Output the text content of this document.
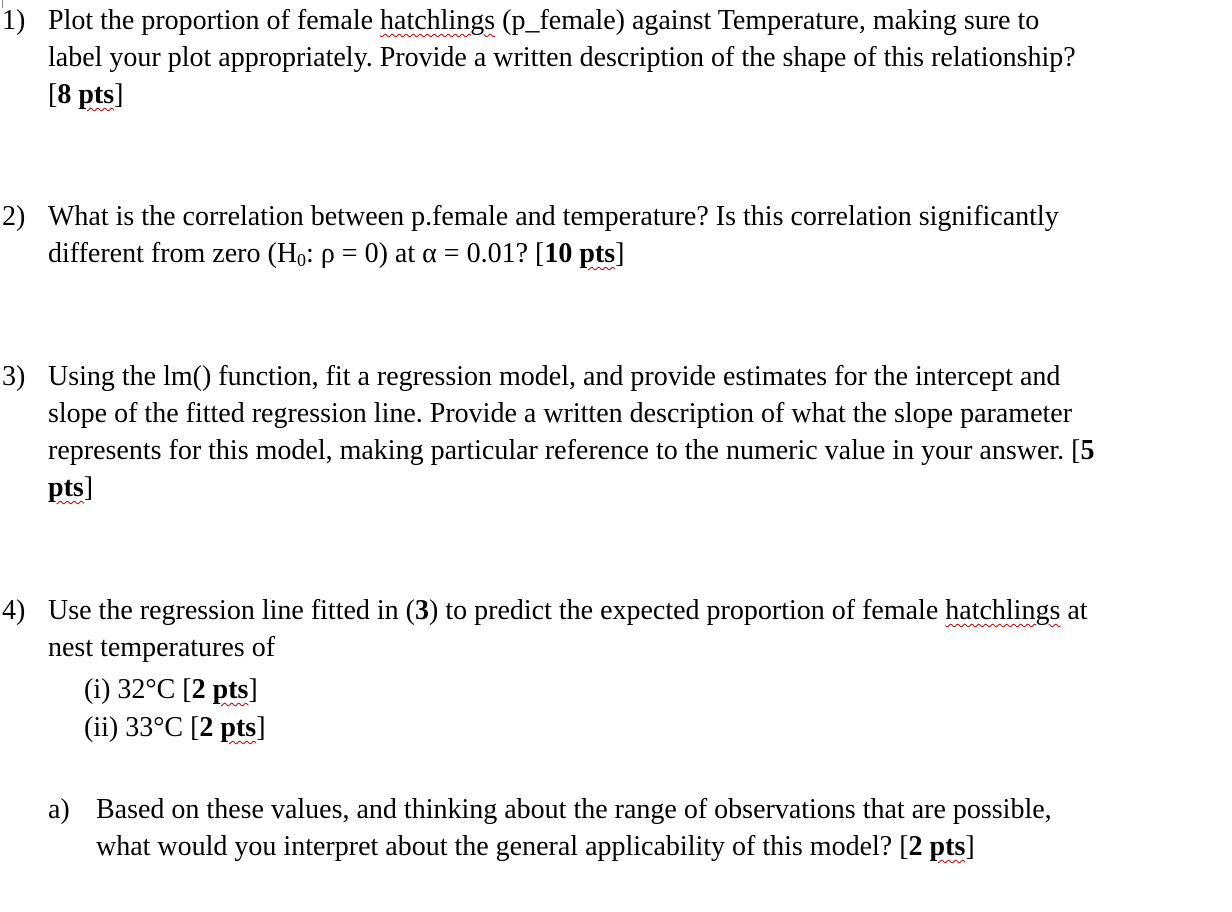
1) Plot the proportion of female hatchlings (p_female) against Temperature, making sure to
label your plot appropriately. Provide a written description of the shape of this relationship?
[8 pts]
2) What is the correlation between p.female and temperature? Is this correlation significantly
different from zero ($H_0$: ρ = 0) at α = 0.01? [10 pts]
3) Using the lm() function, fit a regression model, and provide estimates for the intercept and
slope of the fitted regression line. Provide a written description of what the slope parameter
represents for this model, making particular reference to the numeric value in your answer. [5
pts]
4) Use the regression line fitted in (3) to predict the expected proportion of female hatchlings at
nest temperatures of
(i) 32°C [2 pts]
(ii) 33°C [2 pts]
a) Based on these values, and thinking about the range of observations that are possible,
what would you interpret about the general applicability of this model? [2 pts]
